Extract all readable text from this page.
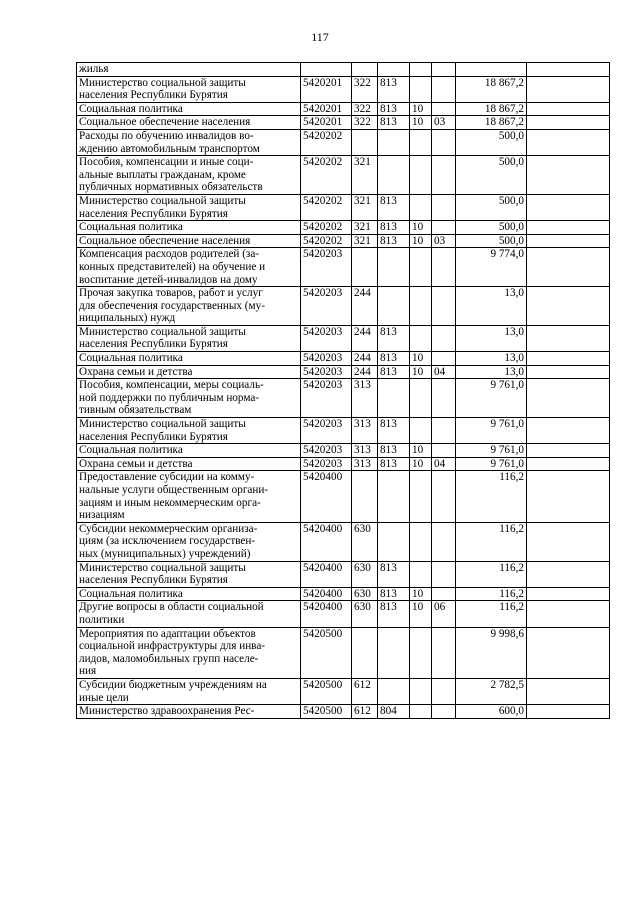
117
жилья							
Министерство социальной защиты
населения Республики Бурятия	5420201	322	813			18 867,2	
Социальная политика	5420201	322	813	10		18 867,2	
Социальное обеспечение населения	5420201	322	813	10	03	18 867,2	
Расходы по обучению инвалидов во-
ждению автомобильным транспортом	5420202					500,0	
Пособия, компенсации и иные соци-
альные выплаты гражданам, кроме
публичных нормативных обязательств	5420202	321				500,0	
Министерство социальной защиты
населения Республики Бурятия	5420202	321	813			500,0	
Социальная политика	5420202	321	813	10		500,0	
Социальное обеспечение населения	5420202	321	813	10	03	500,0	
Компенсация расходов родителей (за-
конных представителей) на обучение и
воспитание детей-инвалидов на дому	5420203					9 774,0	
Прочая закупка товаров, работ и услуг
для обеспечения государственных (му-
ниципальных) нужд	5420203	244				13,0	
Министерство социальной защиты
населения Республики Бурятия	5420203	244	813			13,0	
Социальная политика	5420203	244	813	10		13,0	
Охрана семьи и детства	5420203	244	813	10	04	13,0	
Пособия, компенсации, меры социаль-
ной поддержки по публичным норма-
тивным обязательствам	5420203	313				9 761,0	
Министерство социальной защиты
населения Республики Бурятия	5420203	313	813			9 761,0	
Социальная политика	5420203	313	813	10		9 761,0	
Охрана семьи и детства	5420203	313	813	10	04	9 761,0	
Предоставление субсидии на комму-
нальные услуги общественным органи-
зациям и иным некоммерческим орга-
низациям	5420400					116,2	
Субсидии некоммерческим организа-
циям (за исключением государствен-
ных (муниципальных) учреждений)	5420400	630				116,2	
Министерство социальной защиты
населения Республики Бурятия	5420400	630	813			116,2	
Социальная политика	5420400	630	813	10		116,2	
Другие вопросы в области социальной
политики	5420400	630	813	10	06	116,2	
Мероприятия по адаптации объектов
социальной инфраструктуры для инва-
лидов, маломобильных групп населе-
ния	5420500					9 998,6	
Субсидии бюджетным учреждениям на
иные цели	5420500	612				2 782,5	
Министерство здравоохранения Рес-	5420500	612	804			600,0	
